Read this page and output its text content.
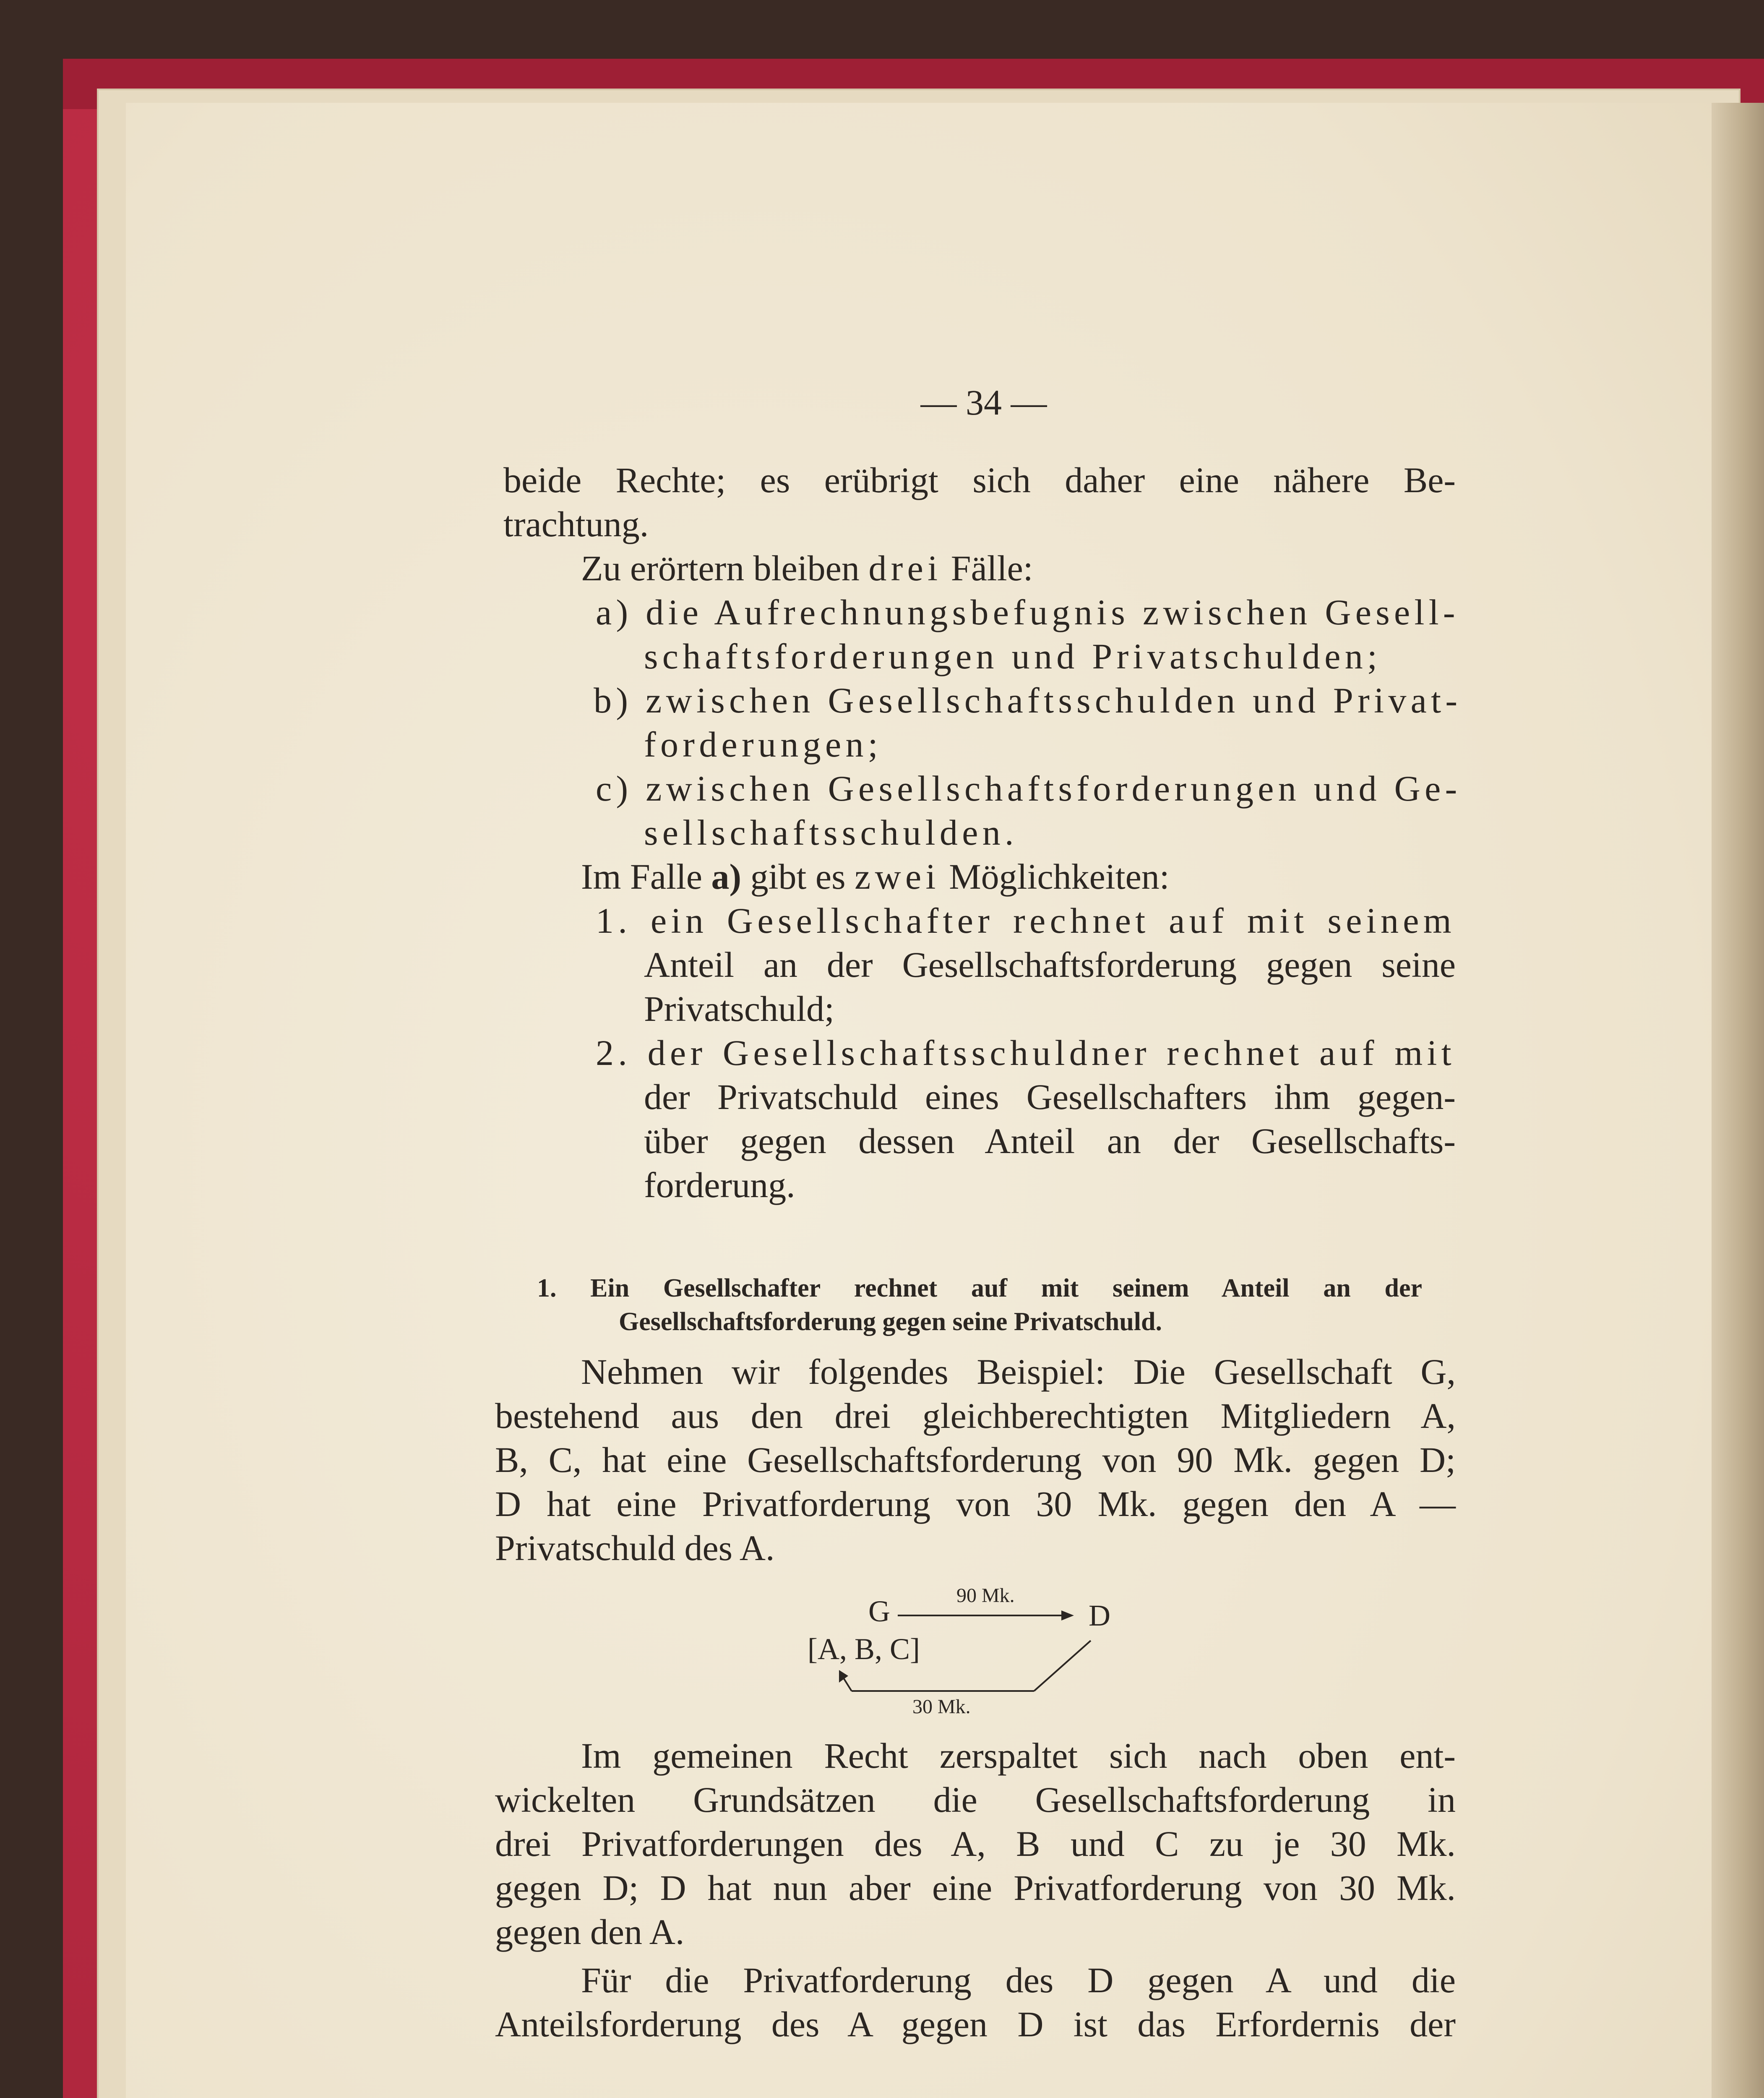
— 34 —
beide Rechte; es erübrigt sich daher eine nähere Be-
trachtung.
Zu erörtern bleiben drei Fälle:
a) die Aufrechnungsbefugnis zwischen Gesell-
schaftsforderungen und Privatschulden;
b) zwischen Gesellschaftsschulden und Privat-
forderungen;
c) zwischen Gesellschaftsforderungen und Ge-
sellschaftsschulden.
Im Falle a) gibt es zwei Möglichkeiten:
1. ein Gesellschafter rechnet auf mit seinem
Anteil an der Gesellschaftsforderung gegen seine
Privatschuld;
2. der Gesellschaftsschuldner rechnet auf mit
der Privatschuld eines Gesellschafters ihm gegen-
über gegen dessen Anteil an der Gesellschafts-
forderung.
1. Ein Gesellschafter rechnet auf mit seinem Anteil an der
Gesellschaftsforderung gegen seine Privatschuld.
Nehmen wir folgendes Beispiel: Die Gesellschaft G,
bestehend aus den drei gleichberechtigten Mitgliedern A,
B, C, hat eine Gesellschaftsforderung von 90 Mk. gegen D;
D hat eine Privatforderung von 30 Mk. gegen den A —
Privatschuld des A.
G	90 Mk.
D
[A, B, C]
30 Mk.
Im gemeinen Recht zerspaltet sich nach oben ent-
wickelten Grundsätzen die Gesellschaftsforderung in
drei Privatforderungen des A, B und C zu je 30 Mk.
gegen D; D hat nun aber eine Privatforderung von 30 Mk.
gegen den A.
Für die Privatforderung des D gegen A und die
Anteilsforderung des A gegen D ist das Erfordernis der
